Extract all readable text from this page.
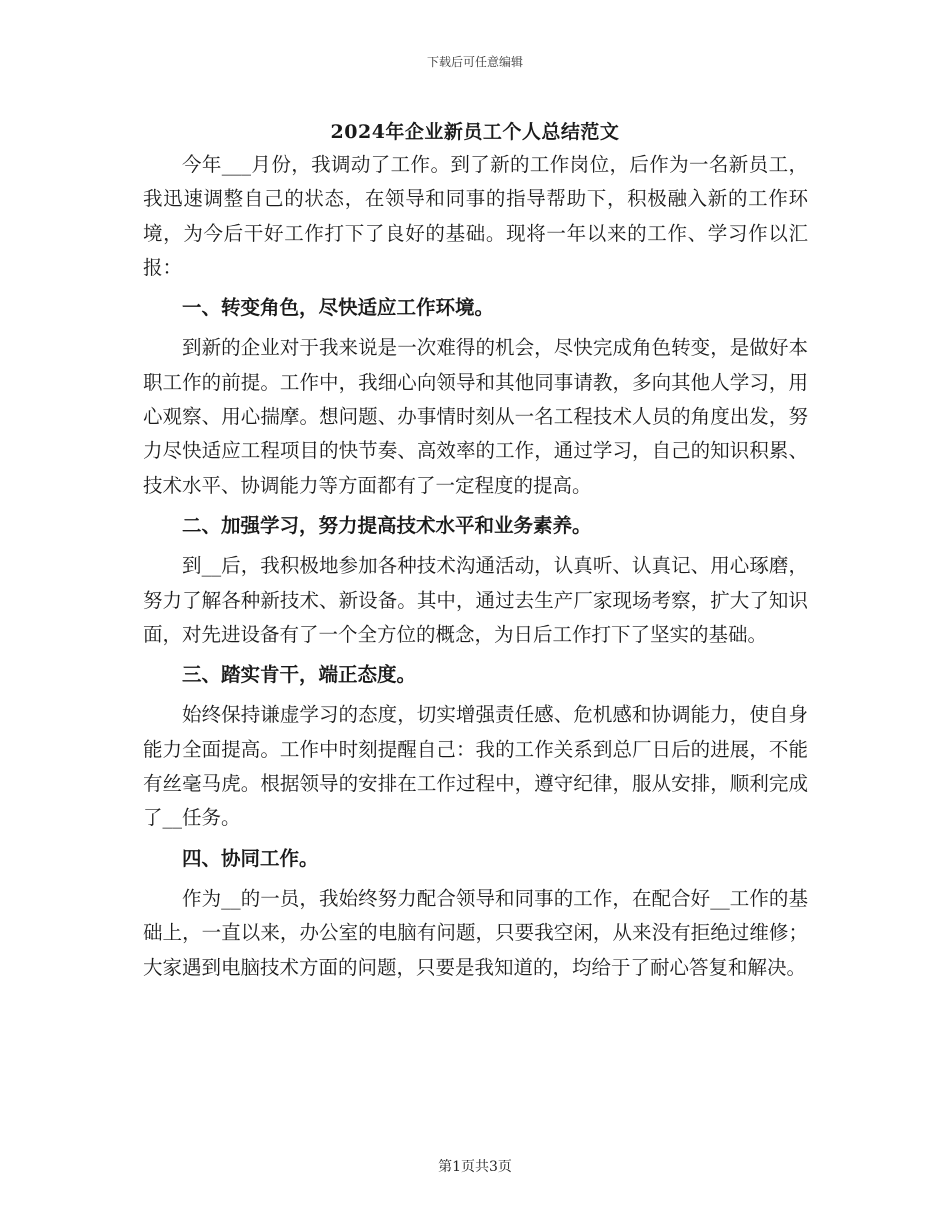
下载后可任意编辑
2024年企业新员工个人总结范文

今年___月份，我调动了工作。到了新的工作岗位，后作为一名新员工，我迅速调整自己的状态，在领导和同事的指导帮助下，积极融入新的工作环境，为今后干好工作打下了良好的基础。现将一年以来的工作、学习作以汇报：

一、转变角色，尽快适应工作环境。

到新的企业对于我来说是一次难得的机会，尽快完成角色转变，是做好本职工作的前提。工作中，我细心向领导和其他同事请教，多向其他人学习，用心观察、用心揣摩。想问题、办事情时刻从一名工程技术人员的角度出发，努力尽快适应工程项目的快节奏、高效率的工作，通过学习，自己的知识积累、技术水平、协调能力等方面都有了一定程度的提高。

二、加强学习，努力提高技术水平和业务素养。

到__后，我积极地参加各种技术沟通活动，认真听、认真记、用心琢磨，努力了解各种新技术、新设备。其中，通过去生产厂家现场考察，扩大了知识面，对先进设备有了一个全方位的概念，为日后工作打下了坚实的基础。

三、踏实肯干，端正态度。

始终保持谦虚学习的态度，切实增强责任感、危机感和协调能力，使自身能力全面提高。工作中时刻提醒自己：我的工作关系到总厂日后的进展，不能有丝毫马虎。根据领导的安排在工作过程中，遵守纪律，服从安排，顺利完成了__任务。

四、协同工作。

作为__的一员，我始终努力配合领导和同事的工作，在配合好__工作的基础上，一直以来，办公室的电脑有问题，只要我空闲，从来没有拒绝过维修；大家遇到电脑技术方面的问题，只要是我知道的，均给于了耐心答复和解决。

第1页共3页
